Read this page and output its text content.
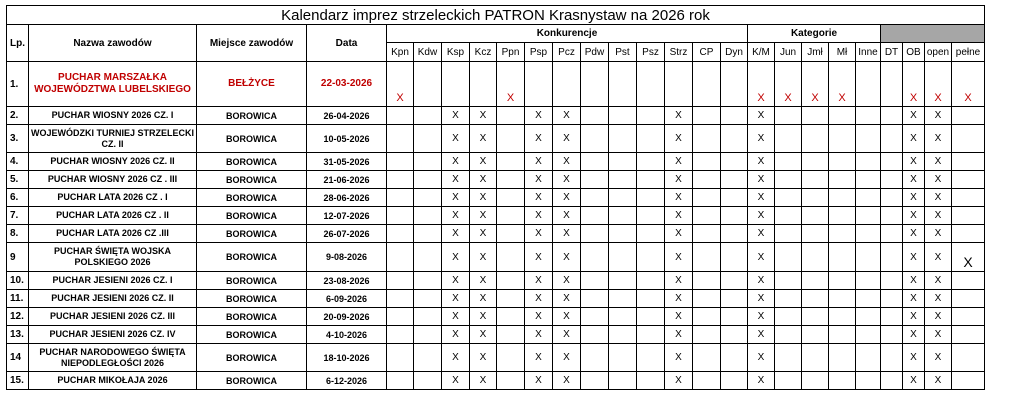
Kalendarz imprez strzeleckich PATRON Krasnystaw na 2026 rok																									
Lp.	Nazwa zawodów	Miejsce zawodów	Data	Konkurencje													Kategorie								
				Kpn	Kdw	Ksp	Kcz	Ppn	Psp	Pcz	Pdw	Pst	Psz	Strz	CP	Dyn	K/M	Jun	Jmł	Mł	Inne	DT	OB	open	pełne
1.	PUCHAR MARSZAŁKA WOJEWÓDZTWA LUBELSKIEGO	BEŁŻYCE	22-03-2026	X				X									X	X	X	X			X	X	X
2.	PUCHAR WIOSNY 2026 CZ. I	BOROWICA	26-04-2026			X	X		X	X				X			X						X	X	
3.	WOJEWÓDZKI TURNIEJ STRZELECKI CZ. II	BOROWICA	10-05-2026			X	X		X	X				X			X						X	X	
4.	PUCHAR WIOSNY 2026 CZ. II	BOROWICA	31-05-2026			X	X		X	X				X			X						X	X	
5.	PUCHAR WIOSNY 2026 CZ . III	BOROWICA	21-06-2026			X	X		X	X				X			X						X	X	
6.	PUCHAR LATA 2026 CZ . I	BOROWICA	28-06-2026			X	X		X	X				X			X						X	X	
7.	PUCHAR LATA 2026 CZ . II	BOROWICA	12-07-2026			X	X		X	X				X			X						X	X	
8.	PUCHAR LATA 2026 CZ .III	BOROWICA	26-07-2026			X	X		X	X				X			X						X	X	
9	PUCHAR ŚWIĘTA WOJSKA POLSKIEGO 2026	BOROWICA	9-08-2026			X	X		X	X				X			X						X	X	X
10.	PUCHAR JESIENI 2026 CZ. I	BOROWICA	23-08-2026			X	X		X	X				X			X						X	X	
11.	PUCHAR JESIENI 2026 CZ. II	BOROWICA	6-09-2026			X	X		X	X				X			X						X	X	
12.	PUCHAR JESIENI 2026 CZ. III	BOROWICA	20-09-2026			X	X		X	X				X			X						X	X	
13.	PUCHAR JESIENI 2026 CZ. IV	BOROWICA	4-10-2026			X	X		X	X				X			X						X	X	
14	PUCHAR NARODOWEGO ŚWIĘTA NIEPODLEGŁOŚCI 2026	BOROWICA	18-10-2026			X	X		X	X				X			X						X	X	
15.	PUCHAR MIKOŁAJA 2026	BOROWICA	6-12-2026			X	X		X	X				X			X						X	X	
